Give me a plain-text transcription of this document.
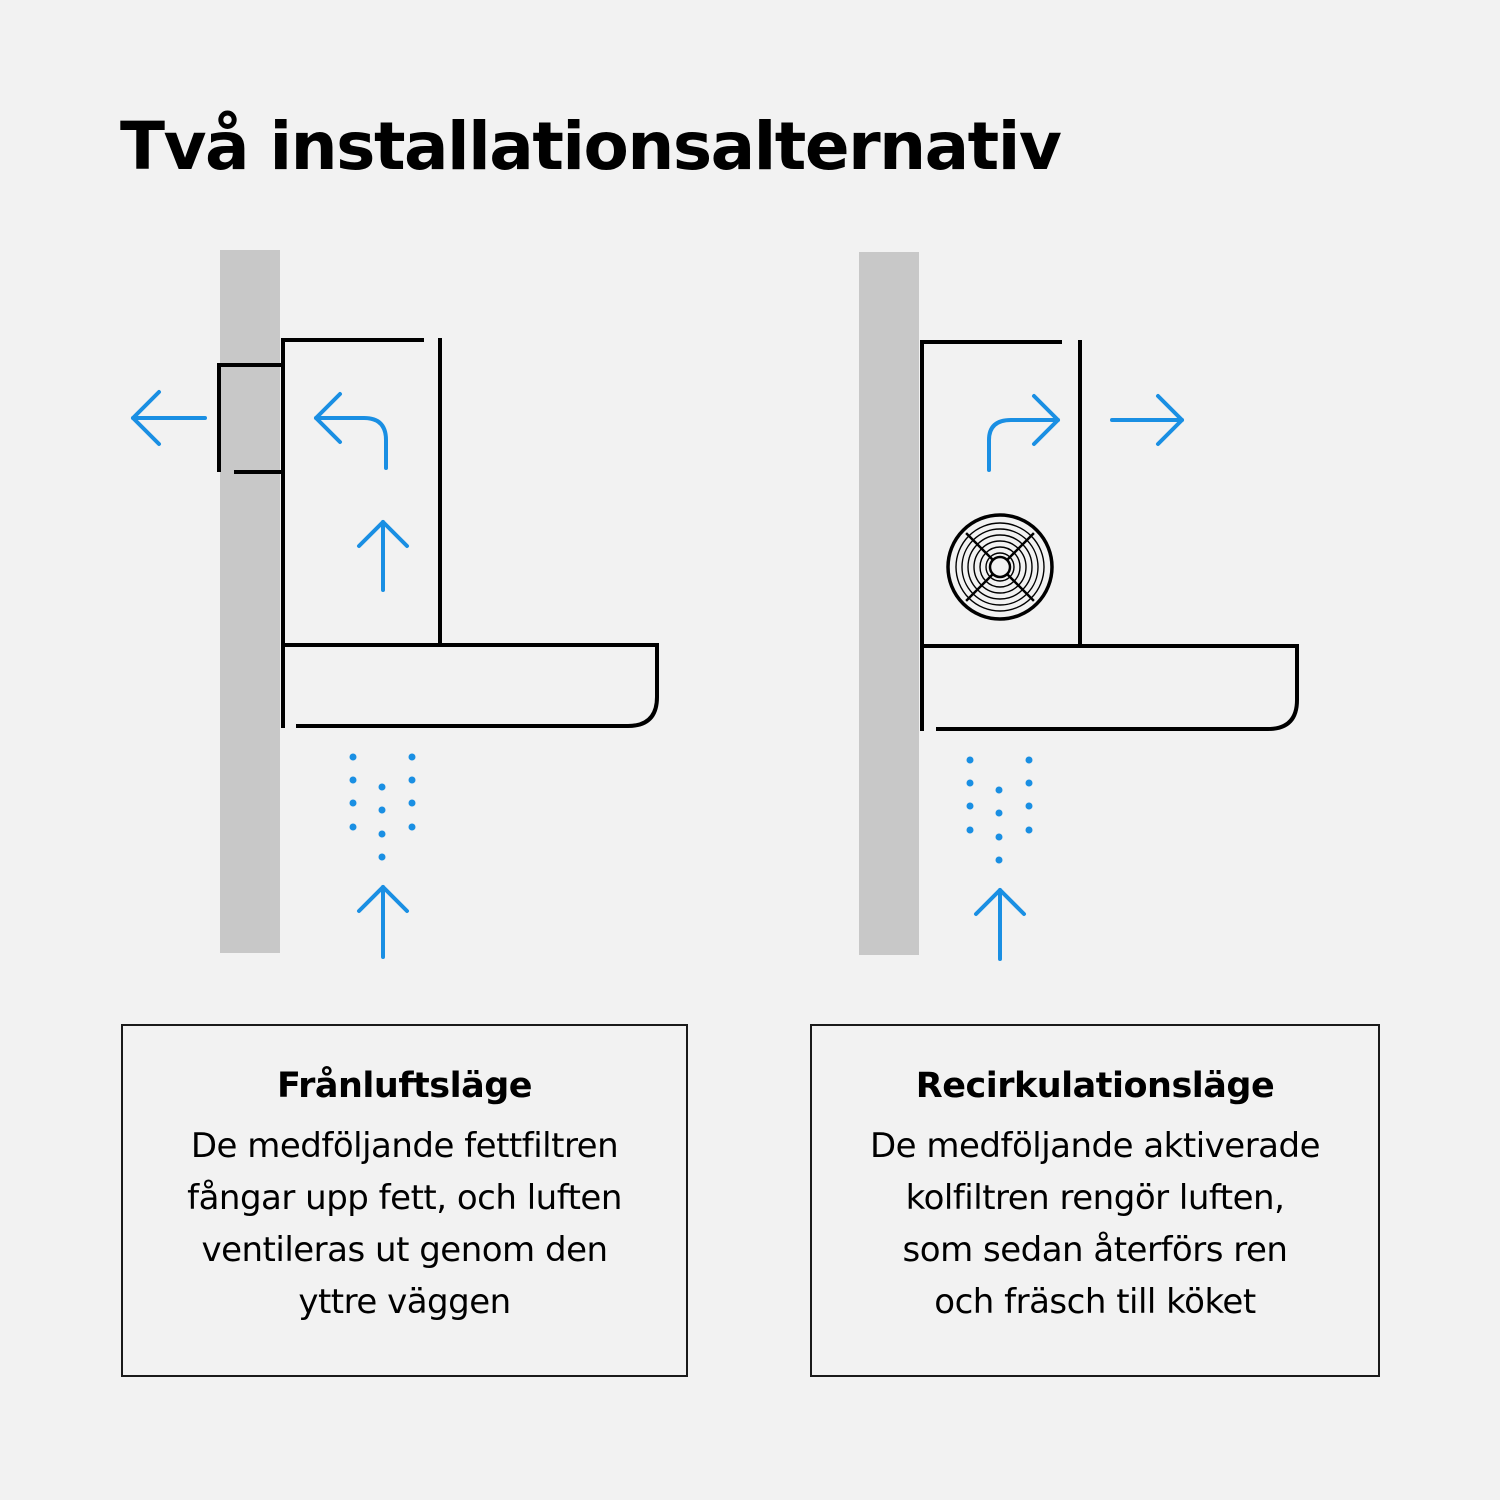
Två installationsalternativ
Frånluftsläge
De medföljande fettfiltren
fångar upp fett, och luften
ventileras ut genom den
yttre väggen
Recirkulationsläge
De medföljande aktiverade
kolfiltren rengör luften,
som sedan återförs ren
och fräsch till köket
